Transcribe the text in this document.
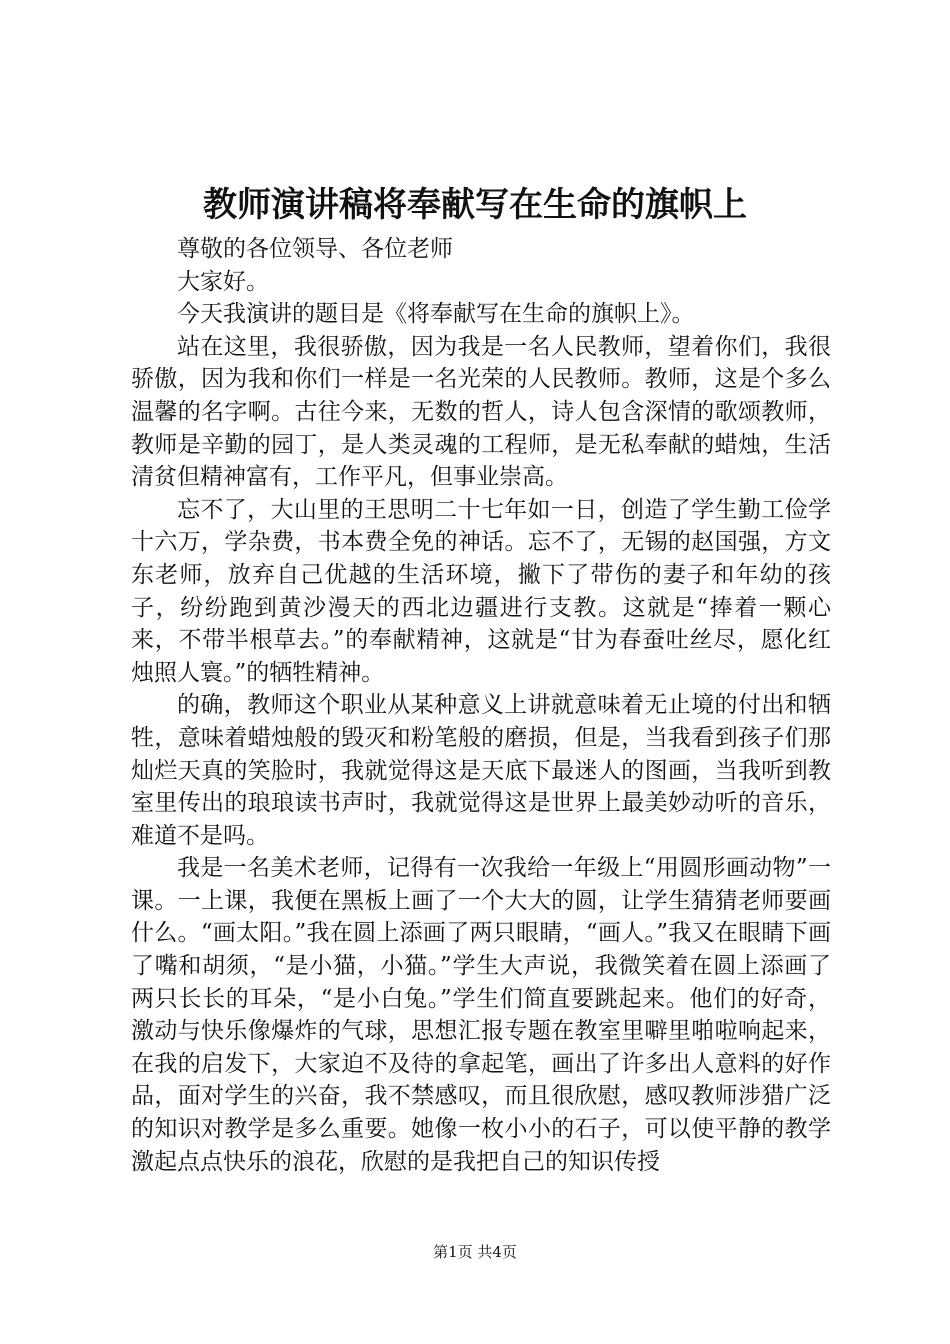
教师演讲稿将奉献写在生命的旗帜上

尊敬的各位领导、各位老师

大家好。

今天我演讲的题目是《将奉献写在生命的旗帜上》。

站在这里，我很骄傲，因为我是一名人民教师，望着你们，我很骄傲，因为我和你们一样是一名光荣的人民教师。教师，这是个多么温馨的名字啊。古往今来，无数的哲人，诗人包含深情的歌颂教师，教师是辛勤的园丁，是人类灵魂的工程师，是无私奉献的蜡烛，生活清贫但精神富有，工作平凡，但事业崇高。

忘不了，大山里的王思明二十七年如一日，创造了学生勤工俭学十六万，学杂费，书本费全免的神话。忘不了，无锡的赵国强，方文东老师，放弃自己优越的生活环境，撇下了带伤的妻子和年幼的孩子，纷纷跑到黄沙漫天的西北边疆进行支教。这就是“捧着一颗心来，不带半根草去。”的奉献精神，这就是“甘为春蚕吐丝尽，愿化红烛照人寰。”的牺牲精神。

的确，教师这个职业从某种意义上讲就意味着无止境的付出和牺牲，意味着蜡烛般的毁灭和粉笔般的磨损，但是，当我看到孩子们那灿烂天真的笑脸时，我就觉得这是天底下最迷人的图画，当我听到教室里传出的琅琅读书声时，我就觉得这是世界上最美妙动听的音乐，难道不是吗。

我是一名美术老师，记得有一次我给一年级上“用圆形画动物”一课。一上课，我便在黑板上画了一个大大的圆，让学生猜猜老师要画什么。“画太阳。”我在圆上添画了两只眼睛，“画人。”我又在眼睛下画了嘴和胡须，“是小猫，小猫。”学生大声说，我微笑着在圆上添画了两只长长的耳朵，“是小白兔。”学生们简直要跳起来。他们的好奇，激动与快乐像爆炸的气球，思想汇报专题在教室里噼里啪啦响起来，在我的启发下，大家迫不及待的拿起笔，画出了许多出人意料的好作品，面对学生的兴奋，我不禁感叹，而且很欣慰，感叹教师涉猎广泛的知识对教学是多么重要。她像一枚小小的石子，可以使平静的教学激起点点快乐的浪花，欣慰的是我把自己的知识传授

第1页 共4页
